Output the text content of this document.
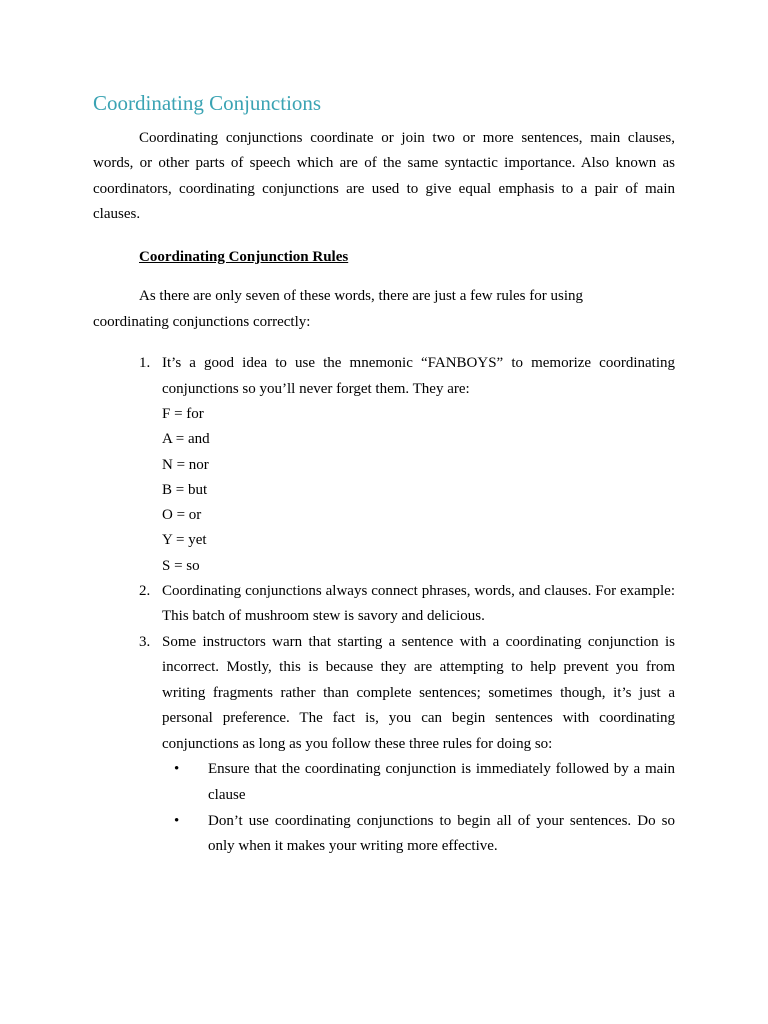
Coordinating Conjunctions

Coordinating conjunctions coordinate or join two or more sentences, main clauses, words, or other parts of speech which are of the same syntactic importance. Also known as coordinators, coordinating conjunctions are used to give equal emphasis to a pair of main clauses.

Coordinating Conjunction Rules

As there are only seven of these words, there are just a few rules for using coordinating conjunctions correctly:

1. It’s a good idea to use the mnemonic “FANBOYS” to memorize coordinating conjunctions so you’ll never forget them. They are:
F = for
A = and
N = nor
B = but
O = or
Y = yet
S = so
2. Coordinating conjunctions always connect phrases, words, and clauses. For example: This batch of mushroom stew is savory and delicious.
3. Some instructors warn that starting a sentence with a coordinating conjunction is incorrect. Mostly, this is because they are attempting to help prevent you from writing fragments rather than complete sentences; sometimes though, it’s just a personal preference. The fact is, you can begin sentences with coordinating conjunctions as long as you follow these three rules for doing so:
• Ensure that the coordinating conjunction is immediately followed by a main clause
• Don’t use coordinating conjunctions to begin all of your sentences. Do so only when it makes your writing more effective.
